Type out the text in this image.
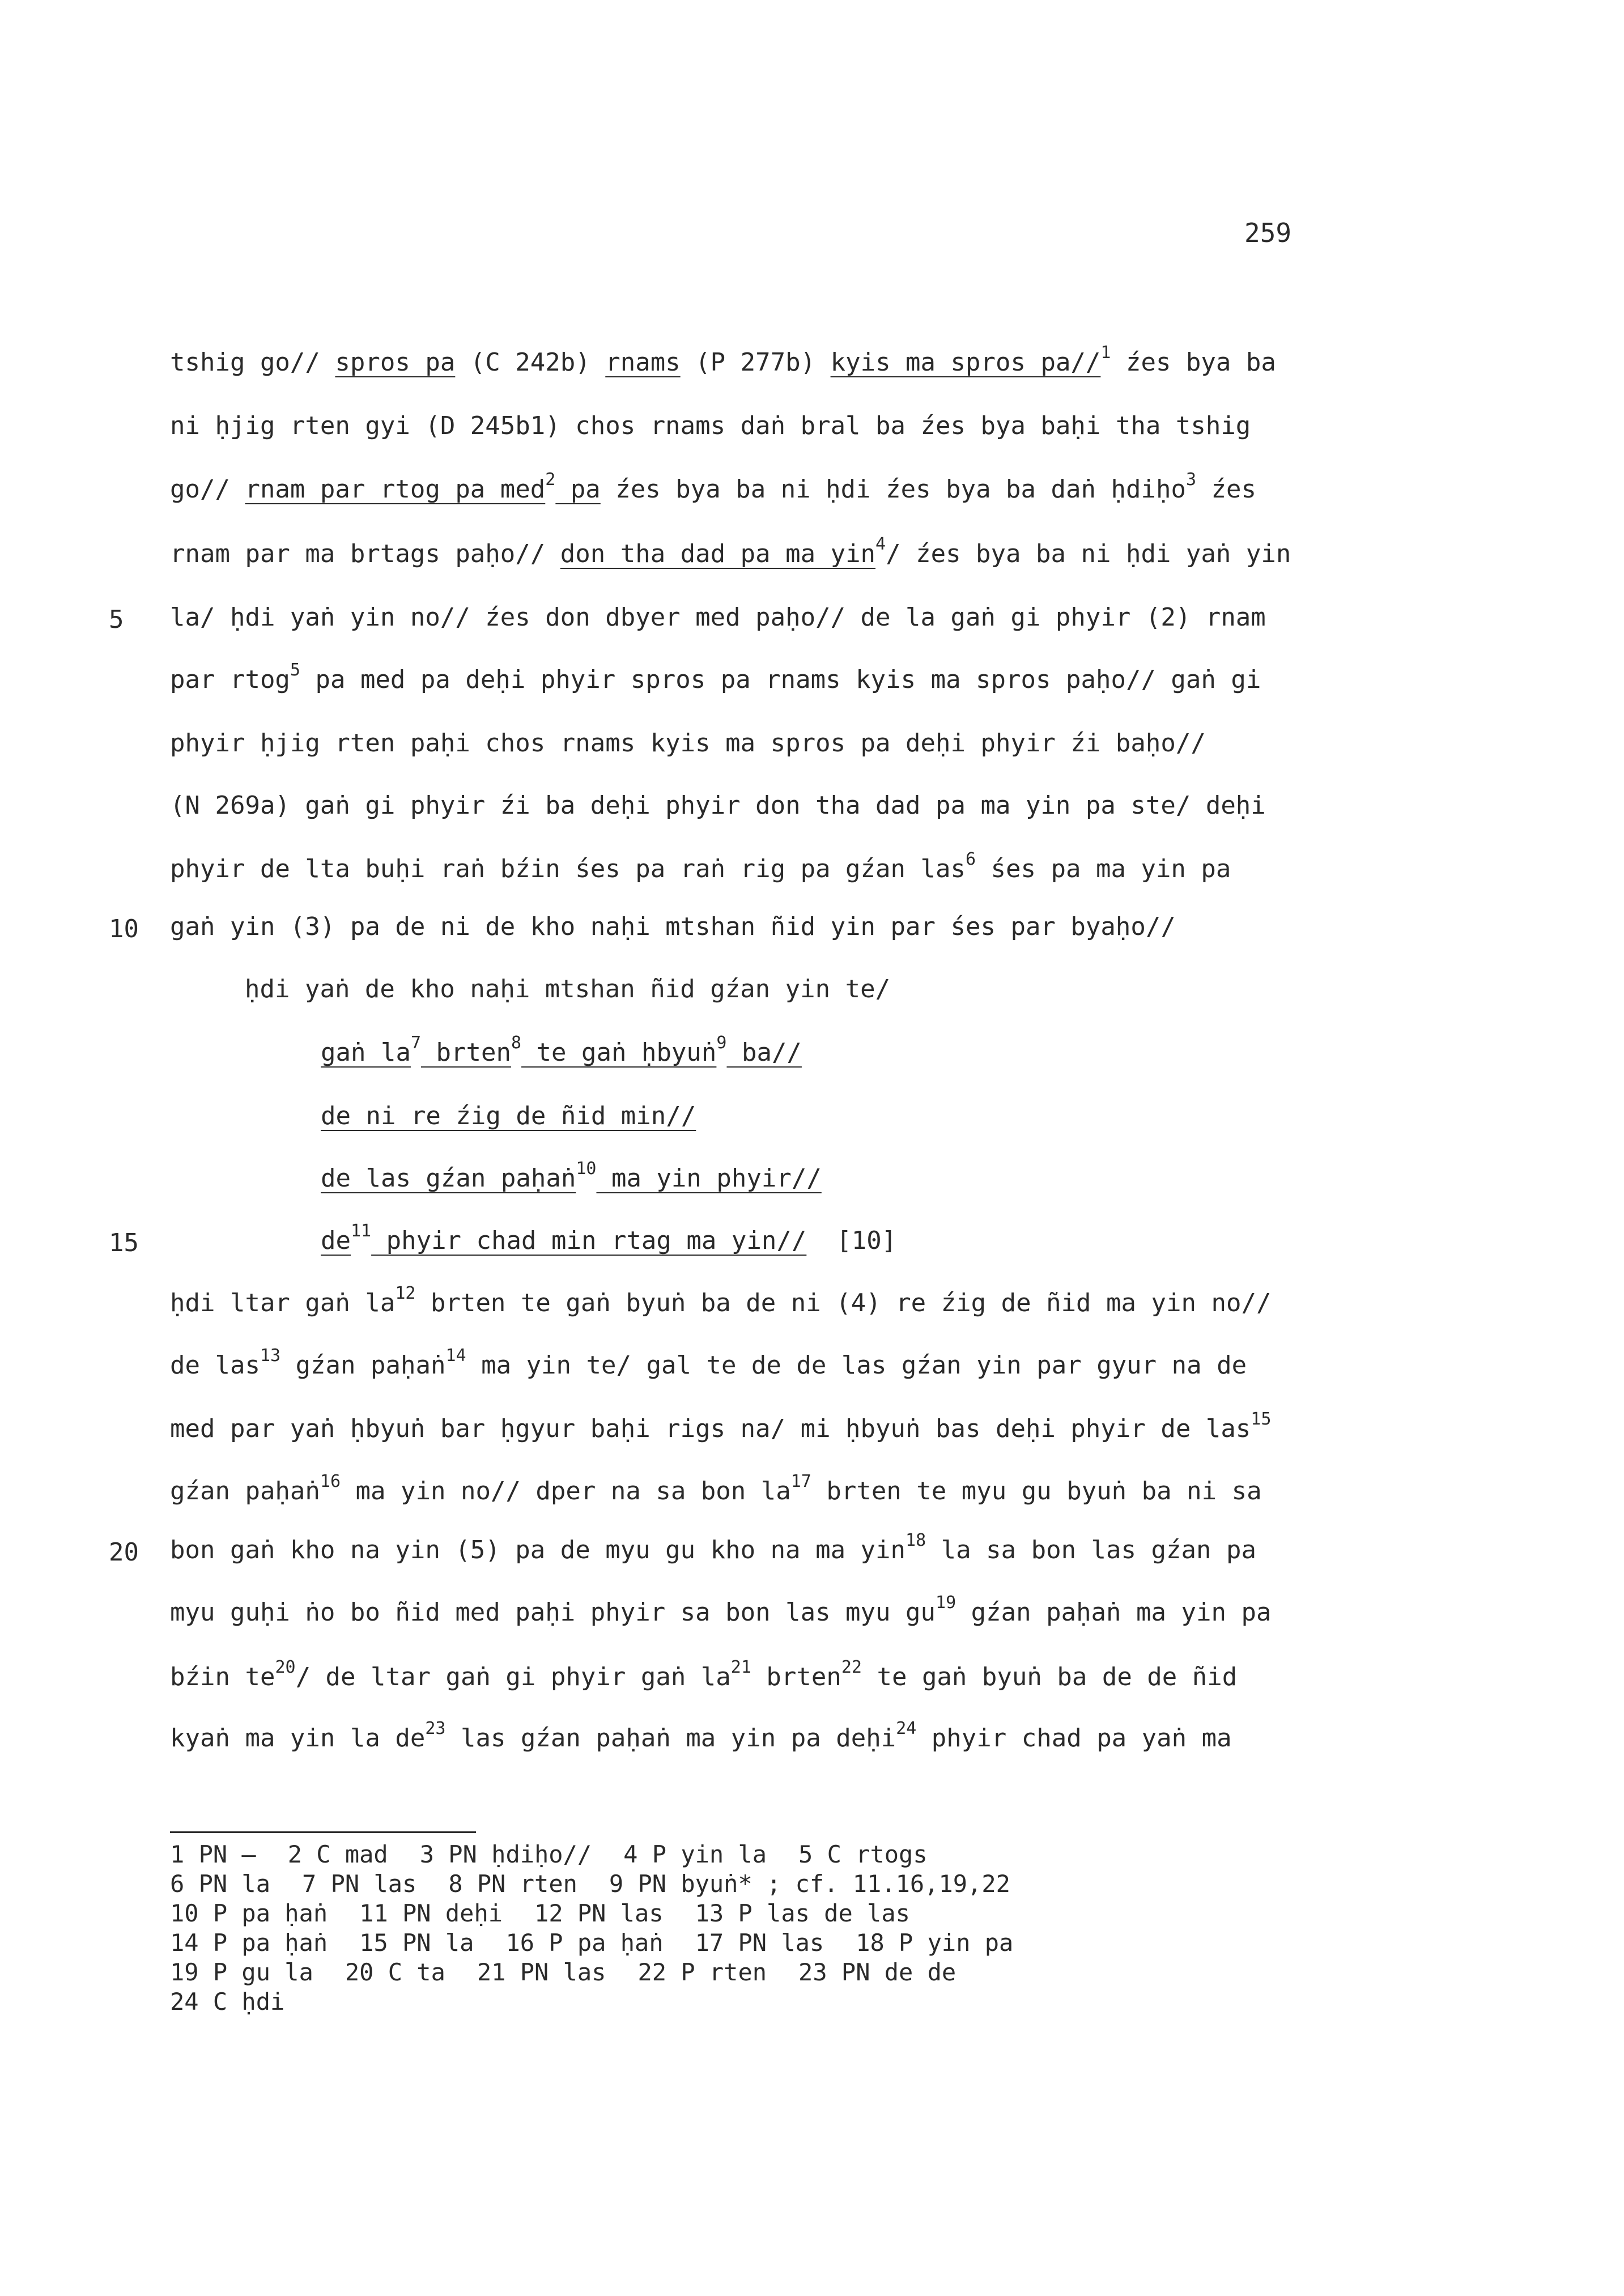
259
tshig go// spros pa (C 242b) rnams (P 277b) kyis ma spros pa//$^1$ źes bya ba
ni ḥjig rten gyi (D 245b1) chos rnams daṅ bral ba źes bya baḥi tha tshig
go// rnam par rtog pa med$^2$ pa źes bya ba ni ḥdi źes bya ba daṅ ḥdiḥo$^3$ źes
rnam par ma brtags paḥo// don tha dad pa ma yin$^4$/ źes bya ba ni ḥdi yaṅ yin
la/ ḥdi yaṅ yin no// źes don dbyer med paḥo// de la gaṅ gi phyir (2) rnam
par rtog$^5$ pa med pa deḥi phyir spros pa rnams kyis ma spros paḥo// gaṅ gi
phyir ḥjig rten paḥi chos rnams kyis ma spros pa deḥi phyir źi baḥo//
(N 269a) gaṅ gi phyir źi ba deḥi phyir don tha dad pa ma yin pa ste/ deḥi
phyir de lta buḥi raṅ bźin śes pa raṅ rig pa gźan las$^6$ śes pa ma yin pa
gaṅ yin (3) pa de ni de kho naḥi mtshan ñid yin par śes par byaḥo//
ḥdi yaṅ de kho naḥi mtshan ñid gźan yin te/
gaṅ $la^7$ brten$^8$ te gaṅ ḥbyuṅ$^9$ ba//
de ni re źig de ñid min//
de las gźan paḥaṅ$^{10}$ ma yin phyir//
$de^{11}$ phyir chad min rtag ma yin//  [10]
ḥdi ltar gaṅ $la^{12}$ brten te gaṅ byuṅ ba de ni (4) re źig de ñid ma yin no//
de las$^{13}$ gźan paḥaṅ$^{14}$ ma yin te/ gal te de de las gźan yin par gyur na de
med par yaṅ ḥbyuṅ bar ḥgyur baḥi rigs na/ mi ḥbyuṅ bas deḥi phyir de las$^{15}$
gźan paḥaṅ$^{16}$ ma yin no// dper na sa bon $la^{17}$ brten te myu gu byuṅ ba ni sa
bon gaṅ kho na yin (5) pa de myu gu kho na ma yin$^{18}$ la sa bon las gźan pa
myu guḥi ṅo bo ñid med paḥi phyir sa bon las myu $gu^{19}$ gźan paḥaṅ ma yin pa
bźin $te^{20}/$ de ltar gaṅ gi phyir gaṅ $la^{21}$ brten$^{22}$ te gaṅ byuṅ ba de de ñid
kyaṅ ma yin la $de^{23}$ las gźan paḥaṅ ma yin pa deḥi$^{24}$ phyir chad pa yaṅ ma
5
10
15
20
1 PN — 2 C mad 3 PN ḥdiḥo// 4 P yin la 5 C rtogs
6 PN la 7 PN las 8 PN rten 9 PN byuṅ* ; cf. 11.16,19,22
10 P pa ḥaṅ 11 PN deḥi 12 PN las 13 P las de las
14 P pa ḥaṅ 15 PN la 16 P pa ḥaṅ 17 PN las 18 P yin pa
19 P gu la 20 C ta 21 PN las 22 P rten 23 PN de de
24 C ḥdi
